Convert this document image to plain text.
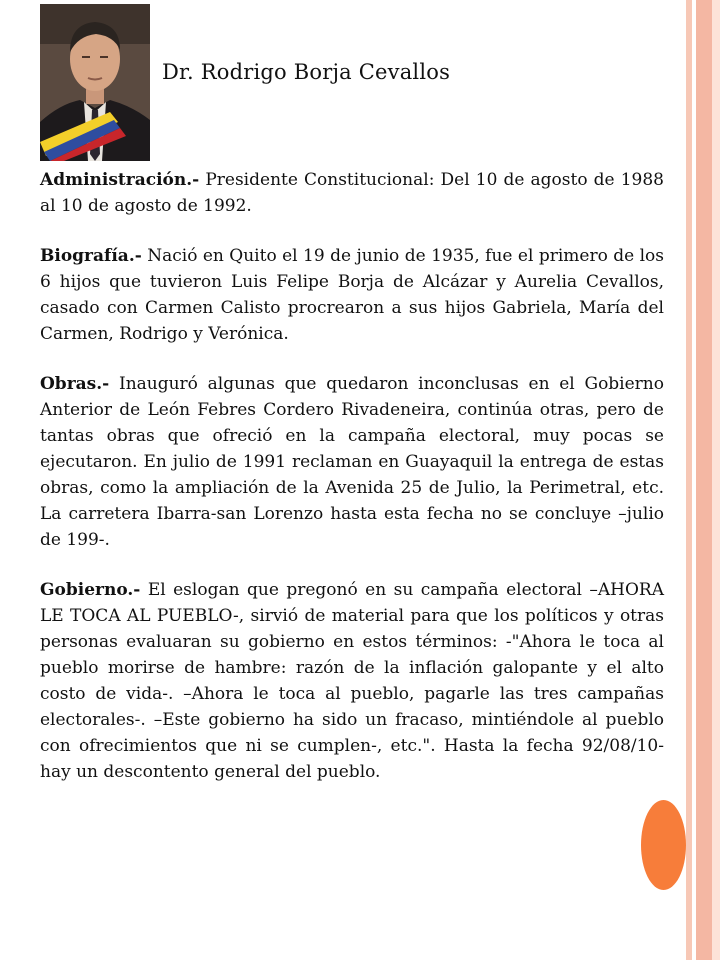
Dr. Rodrigo Borja Cevallos

Administración.- Presidente Constitucional: Del 10 de agosto de 1988 al 10 de agosto de 1992.

Biografía.- Nació en Quito el 19 de junio de 1935, fue el primero de los 6 hijos que tuvieron Luis Felipe Borja de Alcázar y Aurelia Cevallos, casado con Carmen Calisto procrearon a sus hijos Gabriela, María del Carmen, Rodrigo y Verónica.

Obras.- Inauguró algunas que quedaron inconclusas en el Gobierno Anterior de León Febres Cordero Rivadeneira, continúa otras, pero de tantas obras que ofreció en la campaña electoral, muy pocas se ejecutaron. En julio de 1991 reclaman en Guayaquil la entrega de estas obras, como la ampliación de la Avenida 25 de Julio, la Perimetral, etc. La carretera Ibarra-san Lorenzo hasta esta fecha no se concluye –julio de 199-.

Gobierno.- El eslogan que pregonó en su campaña electoral –AHORA LE TOCA AL PUEBLO-, sirvió de material para que los políticos y otras personas evaluaran su gobierno en estos términos: -"Ahora le toca al pueblo morirse de hambre: razón de la inflación galopante y el alto costo de vida-. –Ahora le toca al pueblo, pagarle las tres campañas electorales-. –Este gobierno ha sido un fracaso, mintiéndole al pueblo con ofrecimientos que ni se cumplen-, etc.". Hasta la fecha 92/08/10- hay un descontento general del pueblo.
